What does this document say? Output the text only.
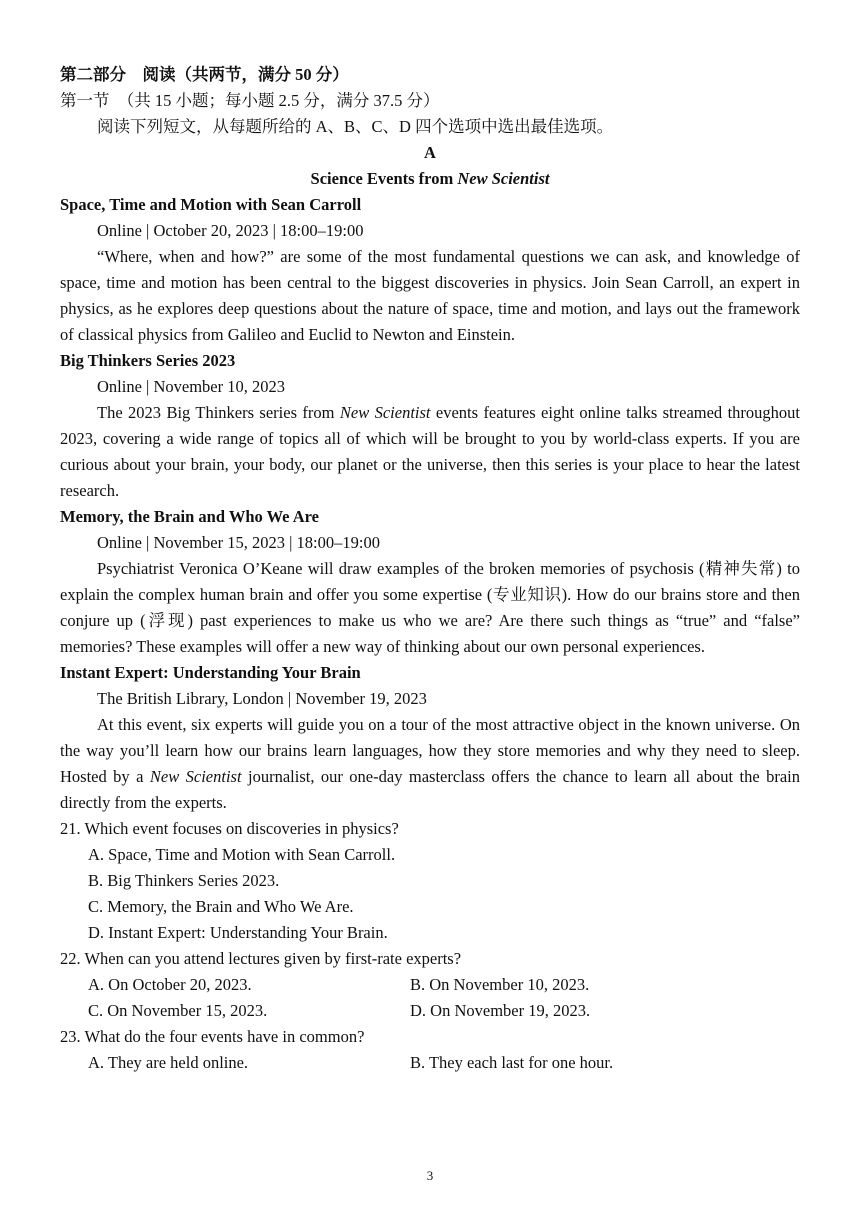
第二部分　阅读（共两节，满分 50 分）

第一节　（共 15 小题；每小题 2.5 分，满分 37.5 分）

阅读下列短文，从每题所给的 A、B、C、D 四个选项中选出最佳选项。

A

Science Events from New Scientist

Space, Time and Motion with Sean Carroll

Online | October 20, 2023 | 18:00–19:00

“Where, when and how?” are some of the most fundamental questions we can ask, and knowledge of space, time and motion has been central to the biggest discoveries in physics. Join Sean Carroll, an expert in physics, as he explores deep questions about the nature of space, time and motion, and lays out the framework of classical physics from Galileo and Euclid to Newton and Einstein.

Big Thinkers Series 2023

Online | November 10, 2023

The 2023 Big Thinkers series from New Scientist events features eight online talks streamed throughout 2023, covering a wide range of topics all of which will be brought to you by world-class experts. If you are curious about your brain, your body, our planet or the universe, then this series is your place to hear the latest research.

Memory, the Brain and Who We Are

Online | November 15, 2023 | 18:00–19:00

Psychiatrist Veronica O’Keane will draw examples of the broken memories of psychosis (精神失常) to explain the complex human brain and offer you some expertise (专业知识). How do our brains store and then conjure up (浮现) past experiences to make us who we are? Are there such things as “true” and “false” memories? These examples will offer a new way of thinking about our own personal experiences.

Instant Expert: Understanding Your Brain

The British Library, London | November 19, 2023

At this event, six experts will guide you on a tour of the most attractive object in the known universe. On the way you’ll learn how our brains learn languages, how they store memories and why they need to sleep. Hosted by a New Scientist journalist, our one-day masterclass offers the chance to learn all about the brain directly from the experts.

21. Which event focuses on discoveries in physics?

A. Space, Time and Motion with Sean Carroll.

B. Big Thinkers Series 2023.

C. Memory, the Brain and Who We Are.

D. Instant Expert: Understanding Your Brain.

22. When can you attend lectures given by first-rate experts?

A. On October 20, 2023.	B. On November 10, 2023.
C. On November 15, 2023.	D. On November 19, 2023.

23. What do the four events have in common?

A. They are held online.	B. They each last for one hour.
3
